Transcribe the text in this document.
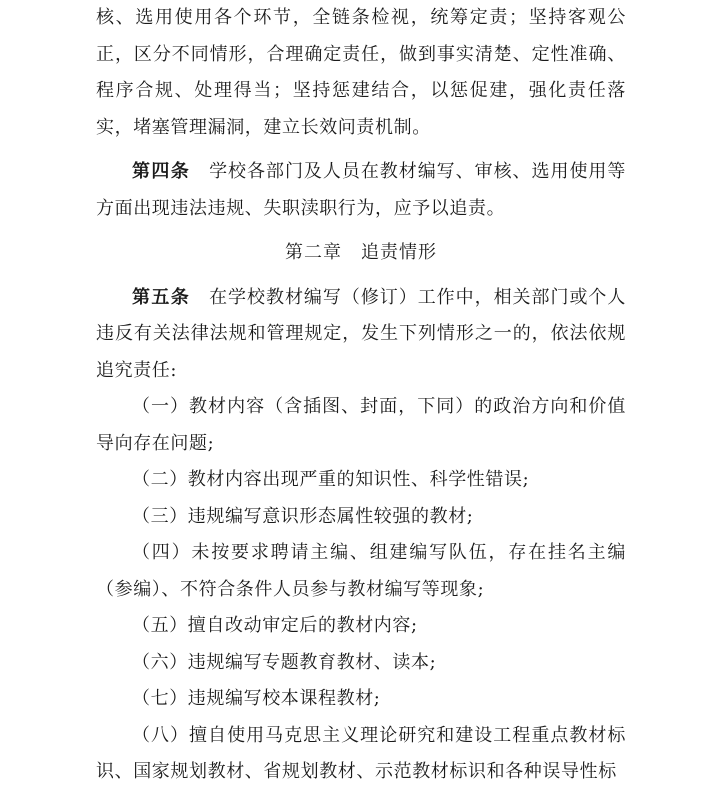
核、选用使用各个环节，全链条检视，统筹定责；坚持客观公正，区分不同情形，合理确定责任，做到事实清楚、定性准确、程序合规、处理得当；坚持惩建结合，以惩促建，强化责任落实，堵塞管理漏洞，建立长效问责机制。

第四条　 学校各部门及人员在教材编写、审核、选用使用等方面出现违法违规、失职渎职行为，应予以追责。

第二章　追责情形

第五条　 在学校教材编写（修订）工作中，相关部门或个人违反有关法律法规和管理规定，发生下列情形之一的，依法依规追究责任:

（一）教材内容（含插图、封面，下同）的政治方向和价值导向存在问题;

（二）教材内容出现严重的知识性、科学性错误;

（三）违规编写意识形态属性较强的教材;

（四）未按要求聘请主编、组建编写队伍，存在挂名主编（参编）、不符合条件人员参与教材编写等现象;

（五）擅自改动审定后的教材内容;

（六）违规编写专题教育教材、读本;

（七）违规编写校本课程教材;

（八）擅自使用马克思主义理论研究和建设工程重点教材标识、国家规划教材、省规划教材、示范教材标识和各种误导性标
